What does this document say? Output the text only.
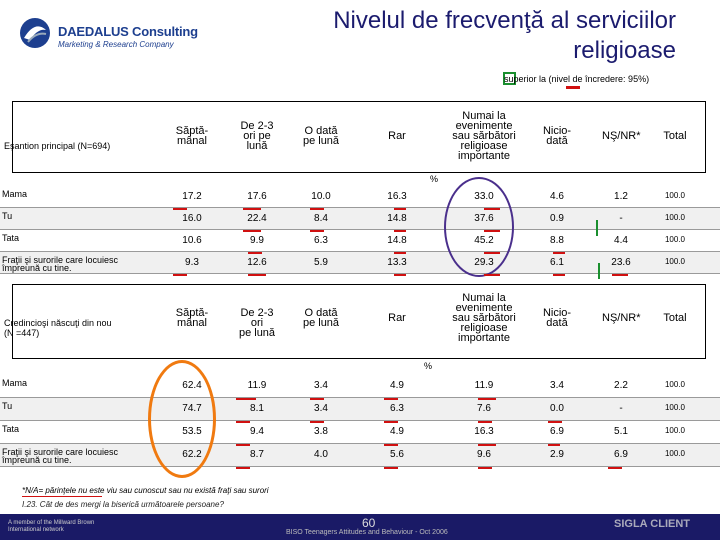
DAEDALUS Consulting
Marketing & Research Company
Nivelul de frecvenţă al serviciilor religioase
superior la (nivel de încredere: 95%)
Eşantion principal (N=694)
Săptă-
mânal
De 2-3
ori pe
lună
O dată
pe lună	Rar
Numai la
evenimente
sau sărbători
religioase
importante
Nicio-
dată	NŞ/NR*	Total
%
Mama	17.2	17.6	10.0	16.3	33.0	4.6	1.2	100.0
Tu	16.0	22.4	8.4	14.8	37.6	0.9	-	100.0
Tata	10.6	9.9	6.3	14.8	45.2	8.8	4.4	100.0
Fraţii şi surorile care locuiesc
împreună cu tine.	9.3	12.6	5.9	13.3	29.3	6.1	23.6	100.0
Credincioşi născuţi din nou
(N =447)
Săptă-
mânal
De 2-3 ori
pe lună
O dată
pe lună	Rar
Numai la
evenimente
sau sărbători
religioase
importante
Nicio-
dată	NŞ/NR*	Total
%
Mama	62.4	11.9	3.4	4.9	11.9	3.4	2.2	100.0
Tu	74.7	8.1	3.4	6.3	7.6	0.0	-	100.0
Tata	53.5	9.4	3.8	4.9	16.3	6.9	5.1	100.0
Fraţii şi surorile care locuiesc
împreună cu tine.	62.2	8.7	4.0	5.6	9.6	2.9	6.9	100.0
*N/A= părinţele nu este viu sau cunoscut sau nu există fraţi sau surori
I.23. Cât de des mergi la biserică următoarele persoane?
A member of the Millward Brown International network	60
BISO Teenagers Attitudes and Behaviour - Oct 2006
SIGLA CLIENT
